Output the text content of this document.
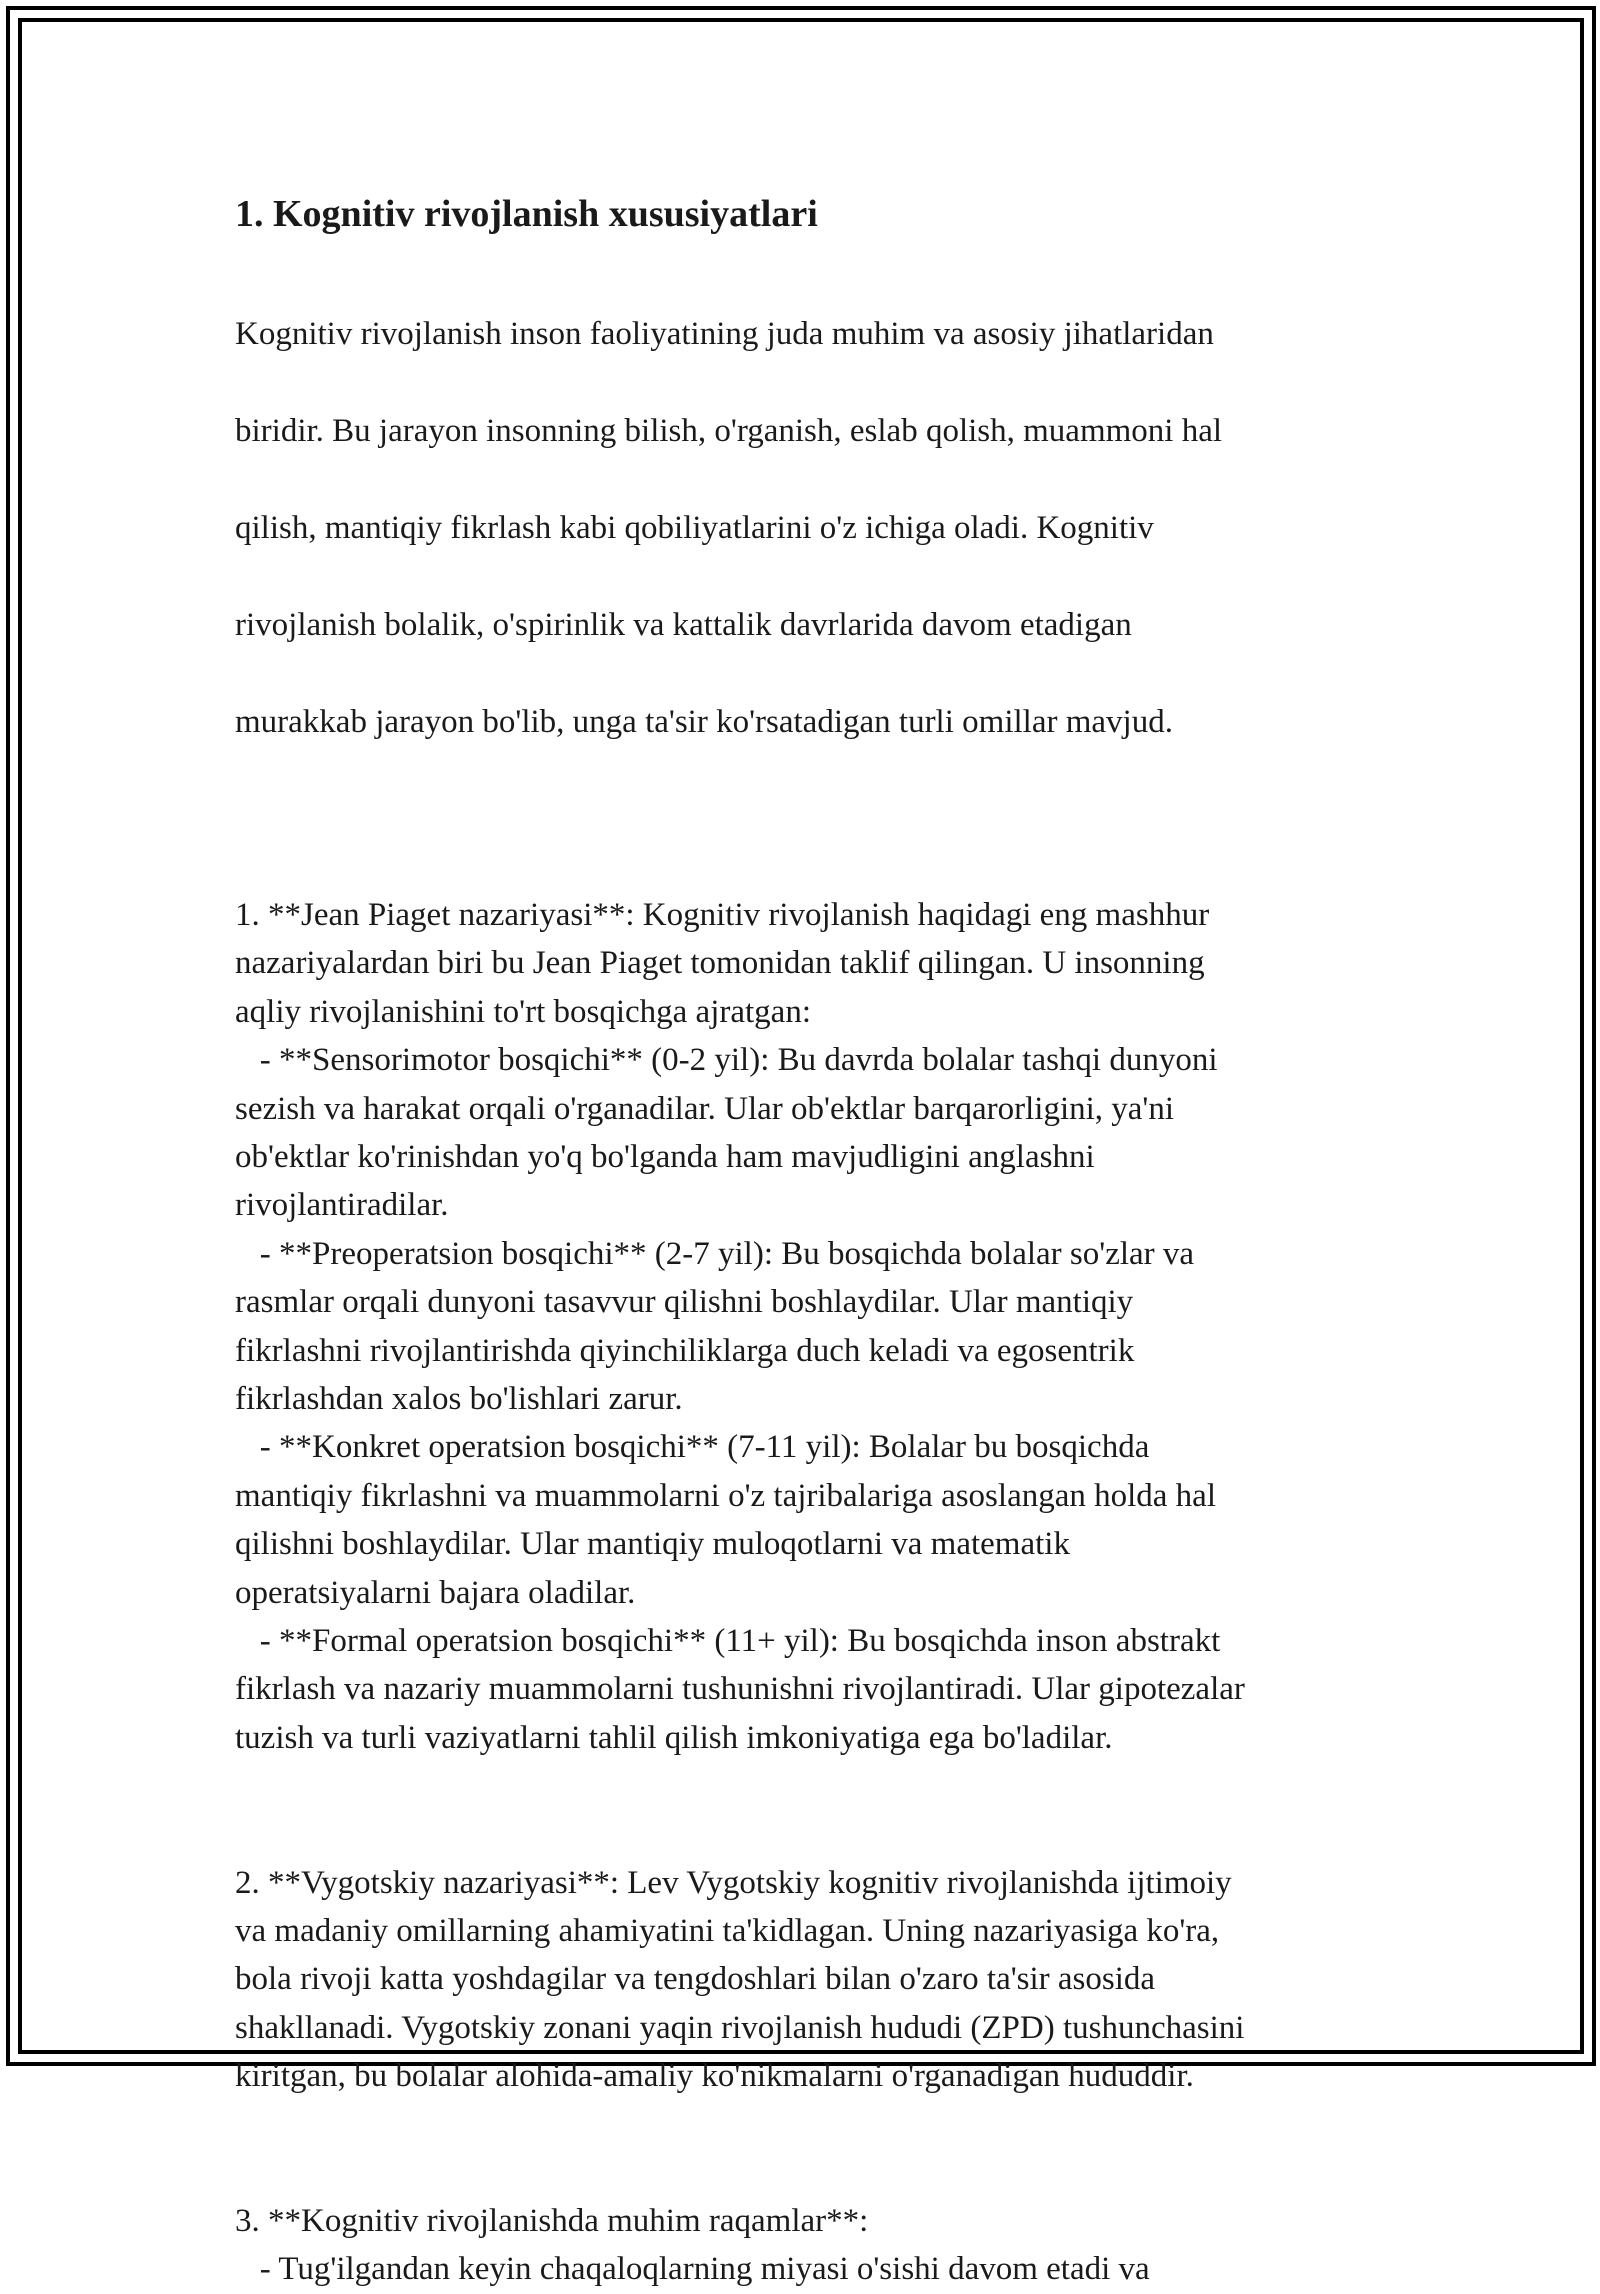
1. Kognitiv rivojlanish xususiyatlari

Kognitiv rivojlanish inson faoliyatining juda muhim va asosiy jihatlaridan

biridir. Bu jarayon insonning bilish, o'rganish, eslab qolish, muammoni hal

qilish, mantiqiy fikrlash kabi qobiliyatlarini o'z ichiga oladi. Kognitiv

rivojlanish bolalik, o'spirinlik va kattalik davrlarida davom etadigan

murakkab jarayon bo'lib, unga ta'sir ko'rsatadigan turli omillar mavjud.

1. **Jean Piaget nazariyasi**: Kognitiv rivojlanish haqidagi eng mashhur
nazariyalardan biri bu Jean Piaget tomonidan taklif qilingan. U insonning
aqliy rivojlanishini to'rt bosqichga ajratgan:
- **Sensorimotor bosqichi** (0-2 yil): Bu davrda bolalar tashqi dunyoni
sezish va harakat orqali o'rganadilar. Ular ob'ektlar barqarorligini, ya'ni
ob'ektlar ko'rinishdan yo'q bo'lganda ham mavjudligini anglashni
rivojlantiradilar.
- **Preoperatsion bosqichi** (2-7 yil): Bu bosqichda bolalar so'zlar va
rasmlar orqali dunyoni tasavvur qilishni boshlaydilar. Ular mantiqiy
fikrlashni rivojlantirishda qiyinchiliklarga duch keladi va egosentrik
fikrlashdan xalos bo'lishlari zarur.
- **Konkret operatsion bosqichi** (7-11 yil): Bolalar bu bosqichda
mantiqiy fikrlashni va muammolarni o'z tajribalariga asoslangan holda hal
qilishni boshlaydilar. Ular mantiqiy muloqotlarni va matematik
operatsiyalarni bajara oladilar.
- **Formal operatsion bosqichi** (11+ yil): Bu bosqichda inson abstrakt
fikrlash va nazariy muammolarni tushunishni rivojlantiradi. Ular gipotezalar
tuzish va turli vaziyatlarni tahlil qilish imkoniyatiga ega bo'ladilar.

2. **Vygotskiy nazariyasi**: Lev Vygotskiy kognitiv rivojlanishda ijtimoiy
va madaniy omillarning ahamiyatini ta'kidlagan. Uning nazariyasiga ko'ra,
bola rivoji katta yoshdagilar va tengdoshlari bilan o'zaro ta'sir asosida
shakllanadi. Vygotskiy zonani yaqin rivojlanish hududi (ZPD) tushunchasini
kiritgan, bu bolalar alohida-amaliy ko'nikmalarni o'rganadigan hududdir.

3. **Kognitiv rivojlanishda muhim raqamlar**:
- Tug'ilgandan keyin chaqaloqlarning miyasi o'sishi davom etadi va
